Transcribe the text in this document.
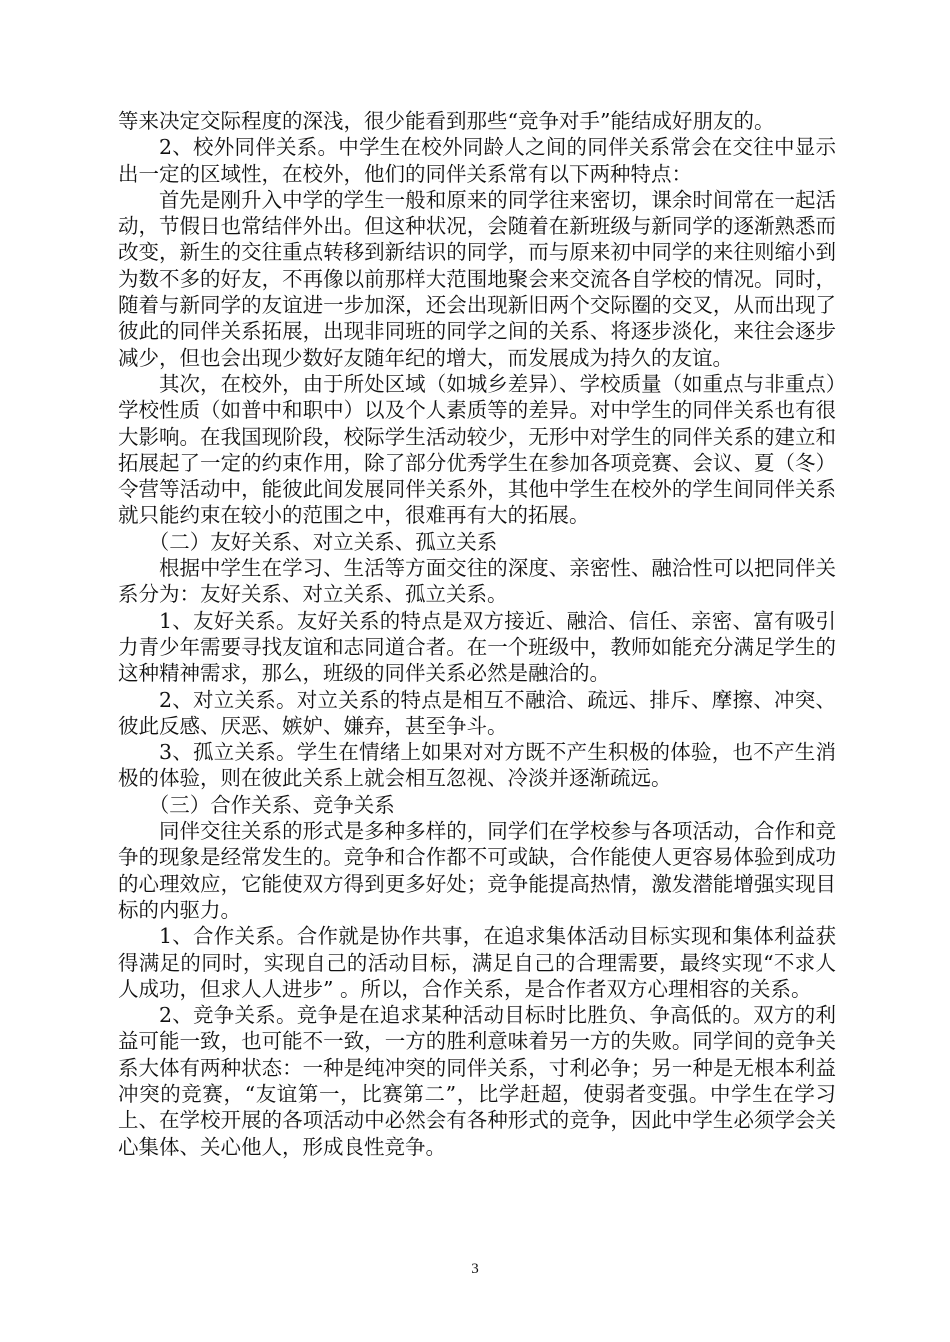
等来决定交际程度的深浅，很少能看到那些“竞争对手”能结成好朋友的。

2、校外同伴关系。中学生在校外同龄人之间的同伴关系常会在交往中显示出一定的区域性，在校外，他们的同伴关系常有以下两种特点：

首先是刚升入中学的学生一般和原来的同学往来密切，课余时间常在一起活动，节假日也常结伴外出。但这种状况，会随着在新班级与新同学的逐渐熟悉而改变，新生的交往重点转移到新结识的同学，而与原来初中同学的来往则缩小到为数不多的好友，不再像以前那样大范围地聚会来交流各自学校的情况。同时，随着与新同学的友谊进一步加深，还会出现新旧两个交际圈的交叉，从而出现了彼此的同伴关系拓展，出现非同班的同学之间的关系、将逐步淡化，来往会逐步减少，但也会出现少数好友随年纪的增大，而发展成为持久的友谊。

其次，在校外，由于所处区域（如城乡差异）、学校质量（如重点与非重点）学校性质（如普中和职中）以及个人素质等的差异。对中学生的同伴关系也有很大影响。在我国现阶段，校际学生活动较少，无形中对学生的同伴关系的建立和拓展起了一定的约束作用，除了部分优秀学生在参加各项竞赛、会议、夏（冬）令营等活动中，能彼此间发展同伴关系外，其他中学生在校外的学生间同伴关系就只能约束在较小的范围之中，很难再有大的拓展。

（二）友好关系、对立关系、孤立关系

根据中学生在学习、生活等方面交往的深度、亲密性、融洽性可以把同伴关系分为：友好关系、对立关系、孤立关系。

1、友好关系。友好关系的特点是双方接近、融洽、信任、亲密、富有吸引力青少年需要寻找友谊和志同道合者。在一个班级中，教师如能充分满足学生的这种精神需求，那么，班级的同伴关系必然是融洽的。

2、对立关系。对立关系的特点是相互不融洽、疏远、排斥、摩擦、冲突、彼此反感、厌恶、嫉妒、嫌弃，甚至争斗。

3、孤立关系。学生在情绪上如果对对方既不产生积极的体验，也不产生消极的体验，则在彼此关系上就会相互忽视、冷淡并逐渐疏远。

（三）合作关系、竞争关系

同伴交往关系的形式是多种多样的，同学们在学校参与各项活动，合作和竞争的现象是经常发生的。竞争和合作都不可或缺，合作能使人更容易体验到成功的心理效应，它能使双方得到更多好处；竞争能提高热情，激发潜能增强实现目标的内驱力。

1、合作关系。合作就是协作共事，在追求集体活动目标实现和集体利益获得满足的同时，实现自己的活动目标，满足自己的合理需要，最终实现“不求人人成功，但求人人进步” 。所以，合作关系，是合作者双方心理相容的关系。

2、竞争关系。竞争是在追求某种活动目标时比胜负、争高低的。双方的利益可能一致，也可能不一致，一方的胜利意味着另一方的失败。同学间的竞争关系大体有两种状态：一种是纯冲突的同伴关系，寸利必争；另一种是无根本利益冲突的竞赛，“友谊第一，比赛第二”，比学赶超，使弱者变强。中学生在学习上、在学校开展的各项活动中必然会有各种形式的竞争，因此中学生必须学会关心集体、关心他人，形成良性竞争。

3
